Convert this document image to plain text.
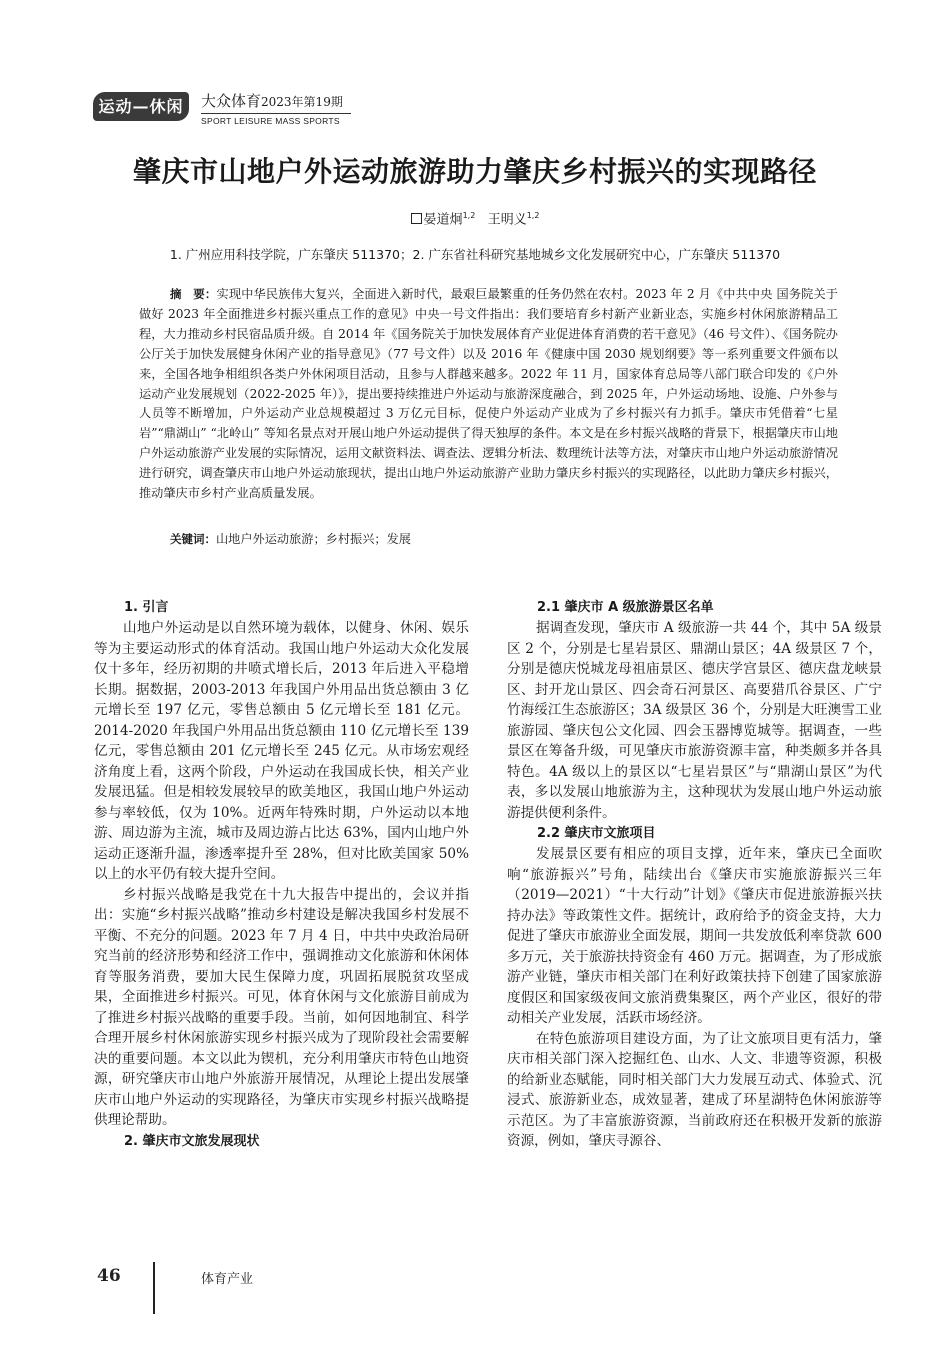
运动—休闲	大众体育2023年第19期
SPORT LEISURE MASS SPORTS
肇庆市山地户外运动旅游助力肇庆乡村振兴的实现路径
晏道炯$^{1,2}$ 王明义$^{1,2}$
1. 广州应用科技学院，广东肇庆 511370；2. 广东省社科研究基地城乡文化发展研究中心，广东肇庆 511370
摘　要：实现中华民族伟大复兴，全面进入新时代，最艰巨最繁重的任务仍然在农村。2023 年 2 月《中共中央 国务院关于做好 2023 年全面推进乡村振兴重点工作的意见》中央一号文件指出：我们要培育乡村新产业新业态，实施乡村休闲旅游精品工程，大力推动乡村民宿品质升级。自 2014 年《国务院关于加快发展体育产业促进体育消费的若干意见》（46 号文件）、《国务院办公厅关于加快发展健身休闲产业的指导意见》（77 号文件）以及 2016 年《健康中国 2030 规划纲要》等一系列重要文件颁布以来，全国各地争相组织各类户外休闲项目活动，且参与人群越来越多。2022 年 11 月，国家体育总局等八部门联合印发的《户外运动产业发展规划（2022-2025 年）》，提出要持续推进户外运动与旅游深度融合，到 2025 年，户外运动场地、设施、户外参与人员等不断增加，户外运动产业总规模超过 3 万亿元目标，促使户外运动产业成为了乡村振兴有力抓手。肇庆市凭借着“七星岩”“鼎湖山” “北岭山” 等知名景点对开展山地户外运动提供了得天独厚的条件。本文是在乡村振兴战略的背景下，根据肇庆市山地户外运动旅游产业发展的实际情况，运用文献资料法、调查法、逻辑分析法、数理统计法等方法，对肇庆市山地户外运动旅游情况进行研究，调查肇庆市山地户外运动旅现状，提出山地户外运动旅游产业助力肇庆乡村振兴的实现路径，以此助力肇庆乡村振兴，推动肇庆市乡村产业高质量发展。
关键词：山地户外运动旅游；乡村振兴；发展
1. 引言

山地户外运动是以自然环境为载体，以健身、休闲、娱乐等为主要运动形式的体育活动。我国山地户外运动大众化发展仅十多年，经历初期的井喷式增长后，2013 年后进入平稳增长期。据数据，2003-2013 年我国户外用品出货总额由 3 亿元增长至 197 亿元，零售总额由 5 亿元增长至 181 亿元。2014-2020 年我国户外用品出货总额由 110 亿元增长至 139 亿元，零售总额由 201 亿元增长至 245 亿元。从市场宏观经济角度上看，这两个阶段，户外运动在我国成长快，相关产业发展迅猛。但是相较发展较早的欧美地区，我国山地户外运动参与率较低，仅为 10%。近两年特殊时期，户外运动以本地游、周边游为主流，城市及周边游占比达 63%，国内山地户外运动正逐渐升温，渗透率提升至 28%，但对比欧美国家 50% 以上的水平仍有较大提升空间。

乡村振兴战略是我党在十九大报告中提出的，会议并指出：实施“乡村振兴战略”推动乡村建设是解决我国乡村发展不平衡、不充分的问题。2023 年 7 月 4 日，中共中央政治局研究当前的经济形势和经济工作中，强调推动文化旅游和休闲体育等服务消费，要加大民生保障力度，巩固拓展脱贫攻坚成果，全面推进乡村振兴。可见，体育休闲与文化旅游目前成为了推进乡村振兴战略的重要手段。当前，如何因地制宜、科学合理开展乡村休闲旅游实现乡村振兴成为了现阶段社会需要解决的重要问题。本文以此为锲机，充分利用肇庆市特色山地资源，研究肇庆市山地户外旅游开展情况，从理论上提出发展肇庆市山地户外运动的实现路径，为肇庆市实现乡村振兴战略提供理论帮助。

2. 肇庆市文旅发展现状
2.1 肇庆市 A 级旅游景区名单

据调查发现，肇庆市 A 级旅游一共 44 个，其中 5A 级景区 2 个，分别是七星岩景区、鼎湖山景区；4A 级景区 7 个，分别是德庆悦城龙母祖庙景区、德庆学宫景区、德庆盘龙峡景区、封开龙山景区、四会奇石河景区、高要猎爪谷景区、广宁竹海绥江生态旅游区；3A 级景区 36 个，分别是大旺澳雪工业旅游园、肇庆包公文化园、四会玉器博览城等。据调查，一些景区在筹备升级，可见肇庆市旅游资源丰富，种类颇多并各具特色。4A 级以上的景区以“七星岩景区”与“鼎湖山景区”为代表，多以发展山地旅游为主，这种现状为发展山地户外运动旅游提供便利条件。

2.2 肇庆市文旅项目

发展景区要有相应的项目支撑，近年来，肇庆已全面吹响“旅游振兴”号角，陆续出台《肇庆市实施旅游振兴三年（2019—2021）“十大行动”计划》《肇庆市促进旅游振兴扶持办法》等政策性文件。据统计，政府给予的资金支持，大力促进了肇庆市旅游业全面发展，期间一共发放低利率贷款 600 多万元，关于旅游扶持资金有 460 万元。据调查，为了形成旅游产业链，肇庆市相关部门在利好政策扶持下创建了国家旅游度假区和国家级夜间文旅消费集聚区，两个产业区，很好的带动相关产业发展，活跃市场经济。

在特色旅游项目建设方面，为了让文旅项目更有活力，肇庆市相关部门深入挖掘红色、山水、人文、非遗等资源，积极的给新业态赋能，同时相关部门大力发展互动式、体验式、沉浸式、旅游新业态，成效显著，建成了环星湖特色休闲旅游等示范区。为了丰富旅游资源，当前政府还在积极开发新的旅游资源，例如，肇庆寻源谷、

46	体育产业
